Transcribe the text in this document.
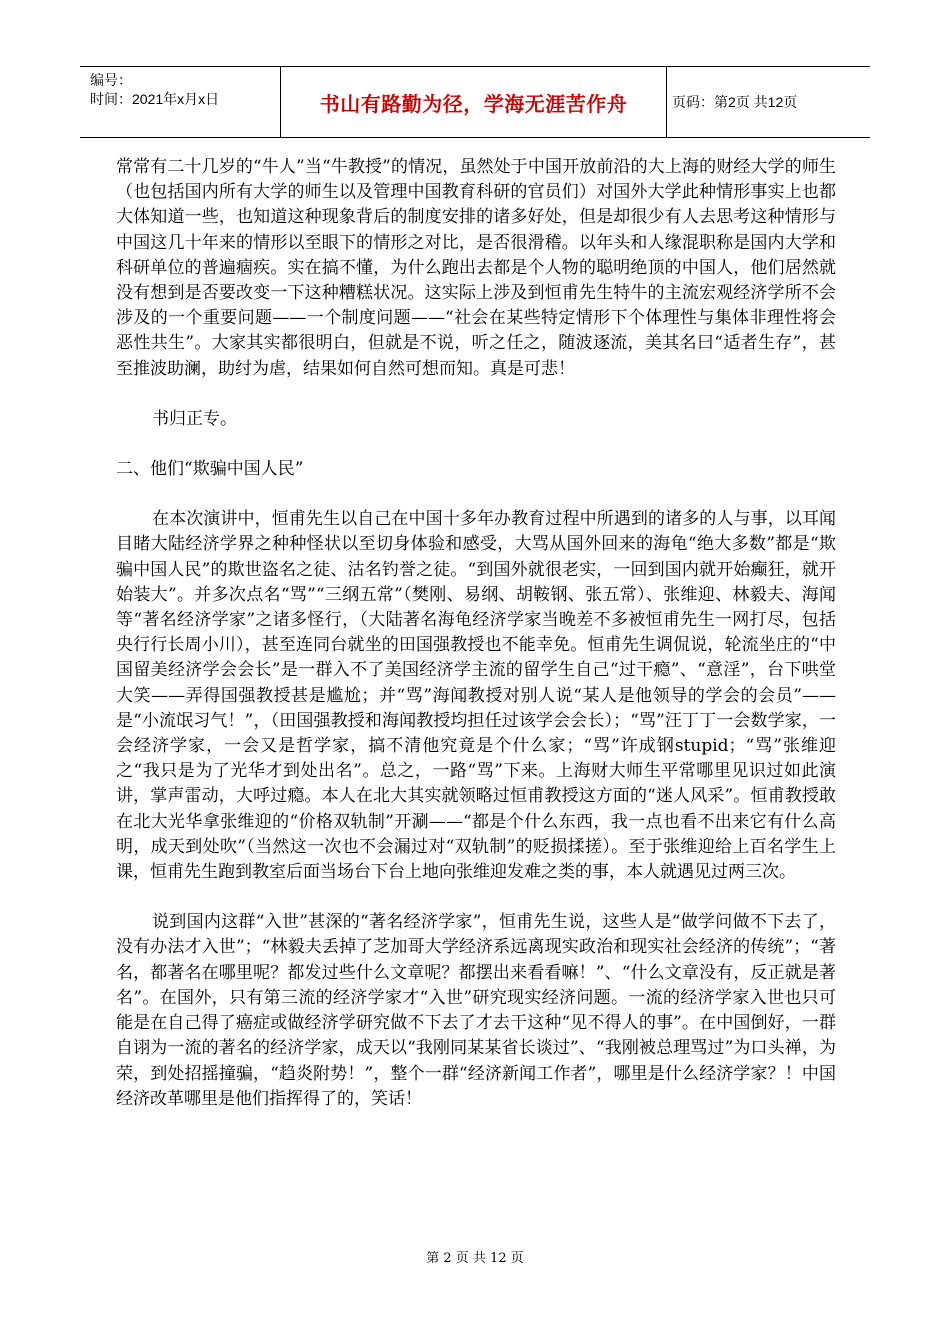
编号：
时间：2021年x月x日	书山有路勤为径，学海无涯苦作舟	页码：第2页 共12页

常常有二十几岁的“牛人”当“牛教授”的情况，虽然处于中国开放前沿的大上海的财经大学的师生（也包括国内所有大学的师生以及管理中国教育科研的官员们）对国外大学此种情形事实上也都大体知道一些，也知道这种现象背后的制度安排的诸多好处，但是却很少有人去思考这种情形与中国这几十年来的情形以至眼下的情形之对比，是否很滑稽。以年头和人缘混职称是国内大学和科研单位的普遍痼疾。实在搞不懂，为什么跑出去都是个人物的聪明绝顶的中国人，他们居然就没有想到是否要改变一下这种糟糕状况。这实际上涉及到恒甫先生特牛的主流宏观经济学所不会涉及的一个重要问题——一个制度问题——“社会在某些特定情形下个体理性与集体非理性将会恶性共生”。大家其实都很明白，但就是不说，听之任之，随波逐流，美其名曰“适者生存”，甚至推波助澜，助纣为虐，结果如何自然可想而知。真是可悲！

书归正专。

二、他们“欺骗中国人民”

在本次演讲中，恒甫先生以自己在中国十多年办教育过程中所遇到的诸多的人与事，以耳闻目睹大陆经济学界之种种怪状以至切身体验和感受，大骂从国外回来的海龟“绝大多数”都是“欺骗中国人民”的欺世盗名之徒、沽名钓誉之徒。“到国外就很老实，一回到国内就开始癫狂，就开始装大”。并多次点名“骂”“三纲五常”（樊刚、易纲、胡鞍钢、张五常）、张维迎、林毅夫、海闻等“著名经济学家”之诸多怪行，（大陆著名海龟经济学家当晚差不多被恒甫先生一网打尽，包括央行行长周小川），甚至连同台就坐的田国强教授也不能幸免。恒甫先生调侃说，轮流坐庄的“中国留美经济学会会长”是一群入不了美国经济学主流的留学生自己“过干瘾”、“意淫”，台下哄堂大笑——弄得国强教授甚是尴尬；并“骂”海闻教授对别人说“某人是他领导的学会的会员”——是“小流氓习气！”，（田国强教授和海闻教授均担任过该学会会长）；“骂”汪丁丁一会数学家，一会经济学家，一会又是哲学家，搞不清他究竟是个什么家；“骂”许成钢stupid；“骂”张维迎之“我只是为了光华才到处出名”。总之，一路“骂”下来。上海财大师生平常哪里见识过如此演讲，掌声雷动，大呼过瘾。本人在北大其实就领略过恒甫教授这方面的“迷人风采”。恒甫教授敢在北大光华拿张维迎的“价格双轨制”开涮——“都是个什么东西，我一点也看不出来它有什么高明，成天到处吹”（当然这一次也不会漏过对“双轨制”的贬损揉搓）。至于张维迎给上百名学生上课，恒甫先生跑到教室后面当场台下台上地向张维迎发难之类的事，本人就遇见过两三次。

说到国内这群“入世”甚深的“著名经济学家”，恒甫先生说，这些人是“做学问做不下去了，没有办法才入世”；“林毅夫丢掉了芝加哥大学经济系远离现实政治和现实社会经济的传统”；“著名，都著名在哪里呢？都发过些什么文章呢？都摆出来看看嘛！”、“什么文章没有，反正就是著名”。在国外，只有第三流的经济学家才“入世”研究现实经济问题。一流的经济学家入世也只可能是在自己得了癌症或做经济学研究做不下去了才去干这种“见不得人的事”。在中国倒好，一群自诩为一流的著名的经济学家，成天以“我刚同某某省长谈过”、“我刚被总理骂过”为口头禅，为荣，到处招摇撞骗，“趋炎附势！”，整个一群“经济新闻工作者”，哪里是什么经济学家？！中国经济改革哪里是他们指挥得了的，笑话！

第 2 页 共 12 页
